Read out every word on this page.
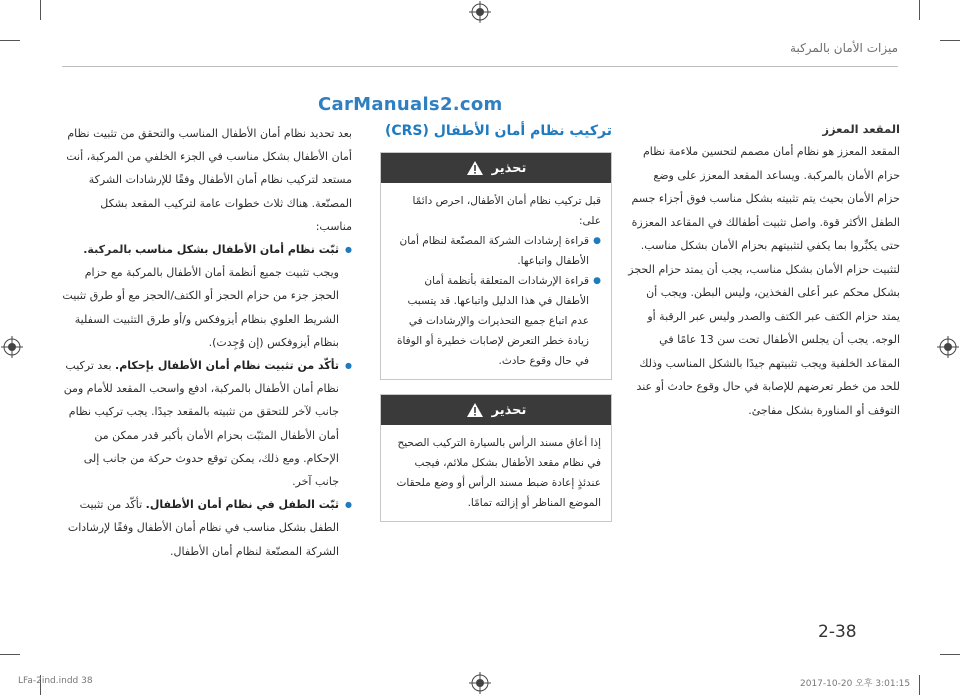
ميزات الأمان بالمركبة
CarManuals2.com
المقعد المعزز

المقعد المعزز هو نظام أمان مصمم لتحسين ملاءمة نظام حزام الأمان بالمركبة. ويساعد المقعد المعزز على وضع حزام الأمان بحيث يتم تثبيته بشكل مناسب فوق أجزاء جسم الطفل الأكثر قوة. واصل تثبيت أطفالك في المقاعد المعززة حتى يكبِّروا بما يكفي لتثبيتهم بحزام الأمان بشكل مناسب. لتثبيت حزام الأمان بشكل مناسب، يجب أن يمتد حزام الحجز بشكل محكم عبر أعلى الفخذين، وليس البطن. ويجب أن يمتد حزام الكتف عبر الكتف والصدر وليس عبر الرقبة أو الوجه. يجب أن يجلس الأطفال تحت سن 13 عامًا في المقاعد الخلفية ويجب تثبيتهم جيدًا بالشكل المناسب وذلك للحد من خطر تعرضهم للإصابة في حال وقوع حادث أو عند التوقف أو المناورة بشكل مفاجئ.

تركيب نظام أمان الأطفال (CRS)
تحذير

قبل تركيب نظام أمان الأطفال، احرص دائمًا على:

● قراءة إرشادات الشركة المصنّعة لنظام أمان الأطفال واتباعها.
● قراءة الإرشادات المتعلقة بأنظمة أمان الأطفال في هذا الدليل واتباعها. قد يتسبب عدم اتباع جميع التحذيرات والإرشادات في زيادة خطر التعرض لإصابات خطيرة أو الوفاة في حال وقوع حادث.
تحذير

إذا أعاق مسند الرأس بالسيارة التركيب الصحيح في نظام مقعد الأطفال بشكل ملائم، فيجب عندئذٍ إعادة ضبط مسند الرأس أو وضع ملحقات الموضع المناظر أو إزالته تمامًا.

بعد تحديد نظام أمان الأطفال المناسب والتحقق من تثبيت نظام أمان الأطفال بشكل مناسب في الجزء الخلفي من المركبة، أنت مستعد لتركيب نظام أمان الأطفال وفقًا للإرشادات الشركة المصنّعة. هناك ثلاث خطوات عامة لتركيب المقعد بشكل مناسب:

● ثبّت نظام أمان الأطفال بشكل مناسب بالمركبة. ويجب تثبيت جميع أنظمة أمان الأطفال بالمركبة مع حزام الحجز جزء من حزام الحجز أو الكتف/الحجز مع أو طرق تثبيت الشريط العلوي بنظام أيزوفكس و/أو طرق التثبيت السفلية بنظام أيزوفكس (إن وُجِدت).
● تأكّد من تثبيت نظام أمان الأطفال بإحكام. بعد تركيب نظام أمان الأطفال بالمركبة، ادفع واسحب المقعد للأمام ومن جانب لآخر للتحقق من تثبيته بالمقعد جيدًا. يجب تركيب نظام أمان الأطفال المثبّت بحزام الأمان بأكبر قدر ممكن من الإحكام. ومع ذلك، يمكن توقع حدوث حركة من جانب إلى جانب آخر.
● ثبّت الطفل في نظام أمان الأطفال. تأكّد من تثبيت الطفل بشكل مناسب في نظام أمان الأطفال وفقًا لإرشادات الشركة المصنّعة لنظام أمان الأطفال.
2-38
LFa-2ind.indd 38	2017-10-20 오후 3:01:15
